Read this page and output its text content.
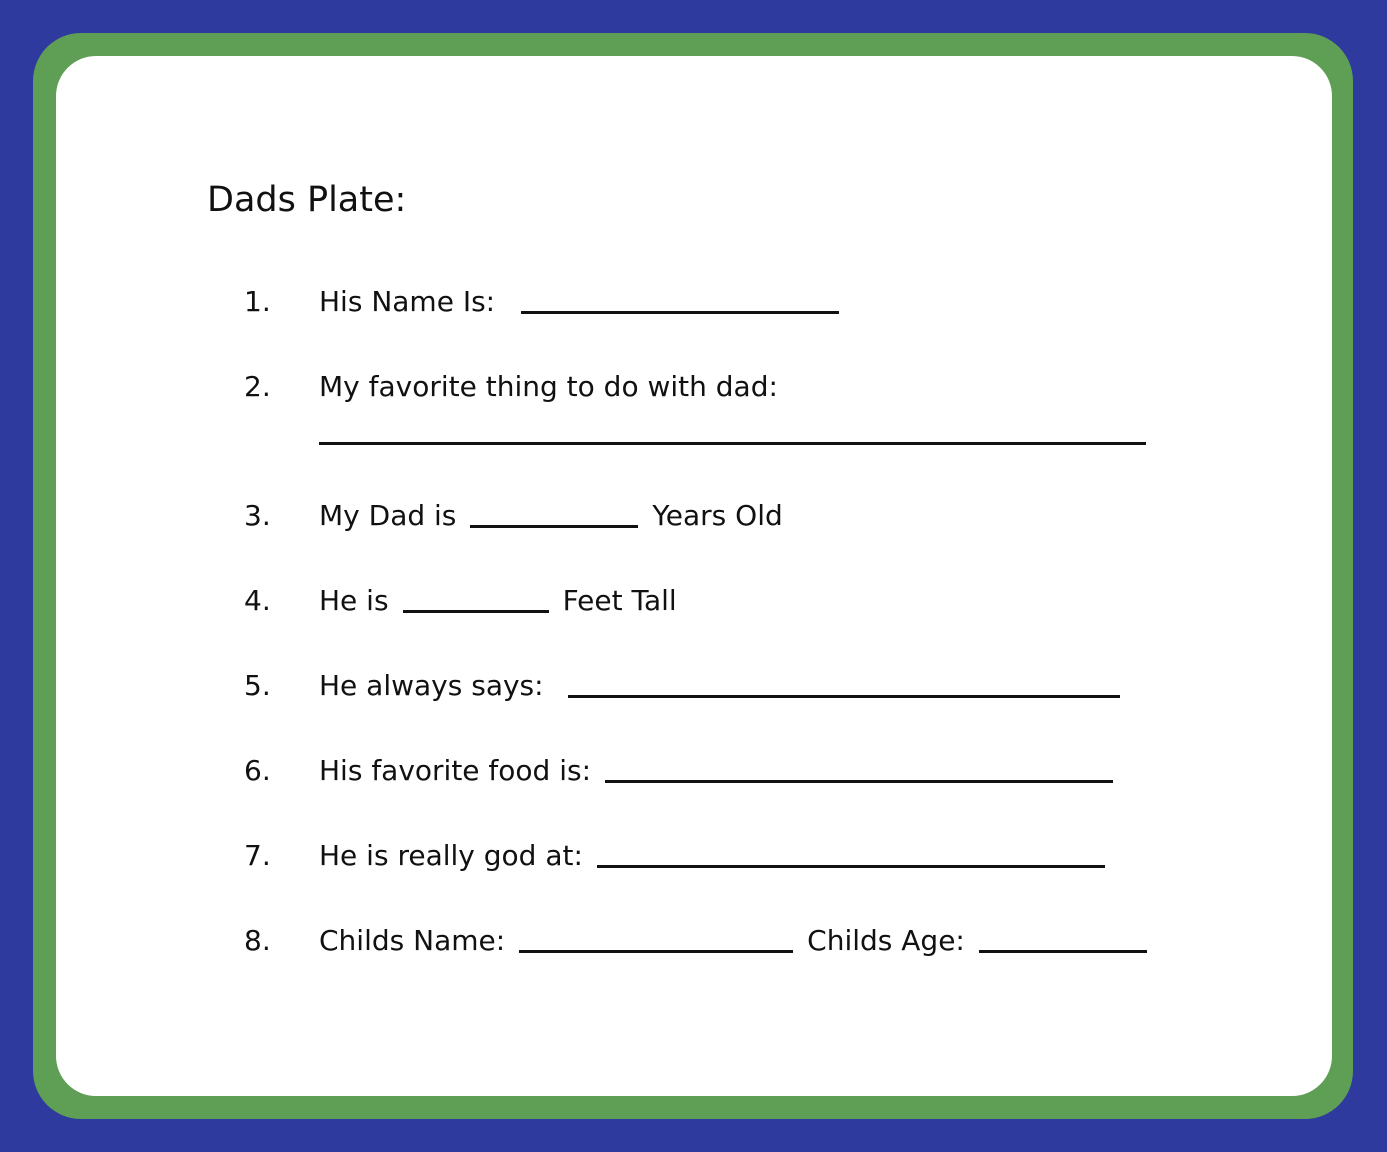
Dads Plate:
1. His Name Is:
2. My favorite thing to do with dad:
3. My Dad is	Years Old
4. He is	Feet Tall
5. He always says:
6. His favorite food is:
7. He is really god at:
8. Childs Name:	Childs Age:
